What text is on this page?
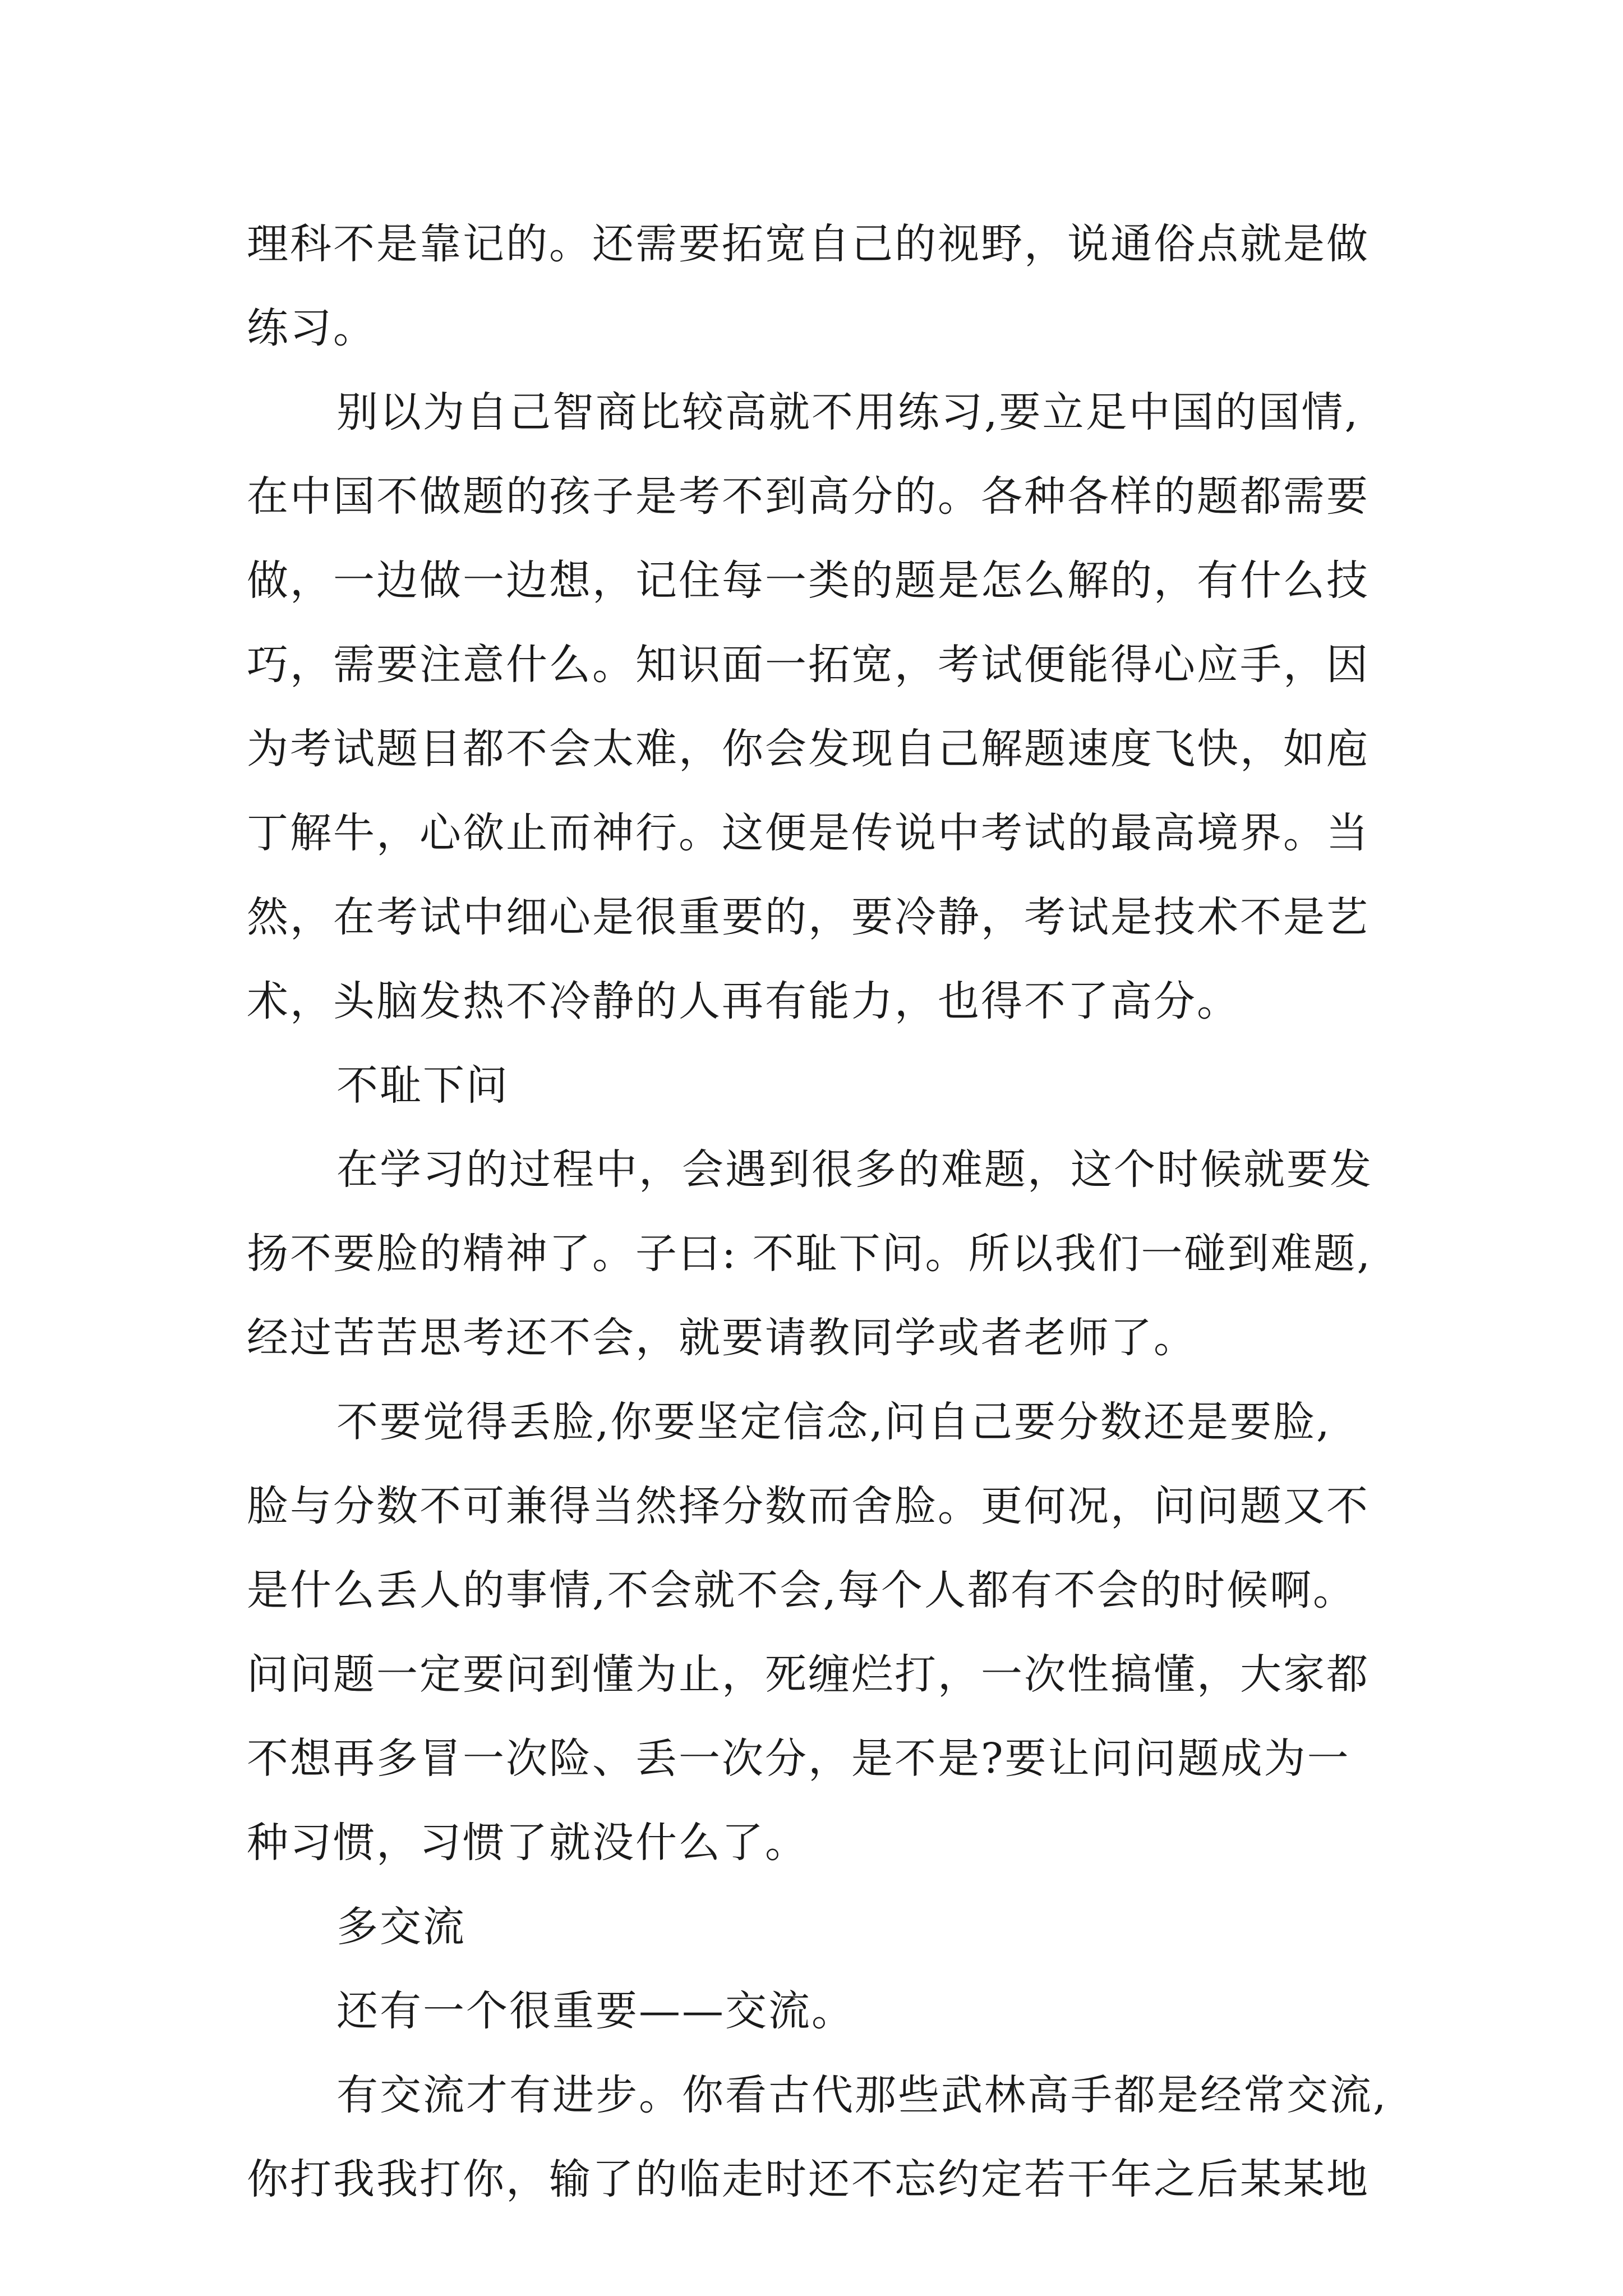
理科不是靠记的。还需要拓宽自己的视野，说通俗点就是做
练习。
别以为自己智商比较高就不用练习,要立足中国的国情,
在中国不做题的孩子是考不到高分的。各种各样的题都需要
做，一边做一边想，记住每一类的题是怎么解的，有什么技
巧，需要注意什么。知识面一拓宽，考试便能得心应手，因
为考试题目都不会太难，你会发现自己解题速度飞快，如庖
丁解牛，心欲止而神行。这便是传说中考试的最高境界。当
然，在考试中细心是很重要的，要冷静，考试是技术不是艺
术，头脑发热不冷静的人再有能力，也得不了高分。
不耻下问
在学习的过程中，会遇到很多的难题，这个时候就要发
扬不要脸的精神了。子曰: 不耻下问。所以我们一碰到难题,
经过苦苦思考还不会，就要请教同学或者老师了。
不要觉得丢脸,你要坚定信念,问自己要分数还是要脸,
脸与分数不可兼得当然择分数而舍脸。更何况，问问题又不
是什么丢人的事情,不会就不会,每个人都有不会的时候啊。
问问题一定要问到懂为止，死缠烂打，一次性搞懂，大家都
不想再多冒一次险、丢一次分，是不是?要让问问题成为一
种习惯，习惯了就没什么了。
多交流
还有一个很重要——交流。
有交流才有进步。你看古代那些武林高手都是经常交流,
你打我我打你，输了的临走时还不忘约定若干年之后某某地
